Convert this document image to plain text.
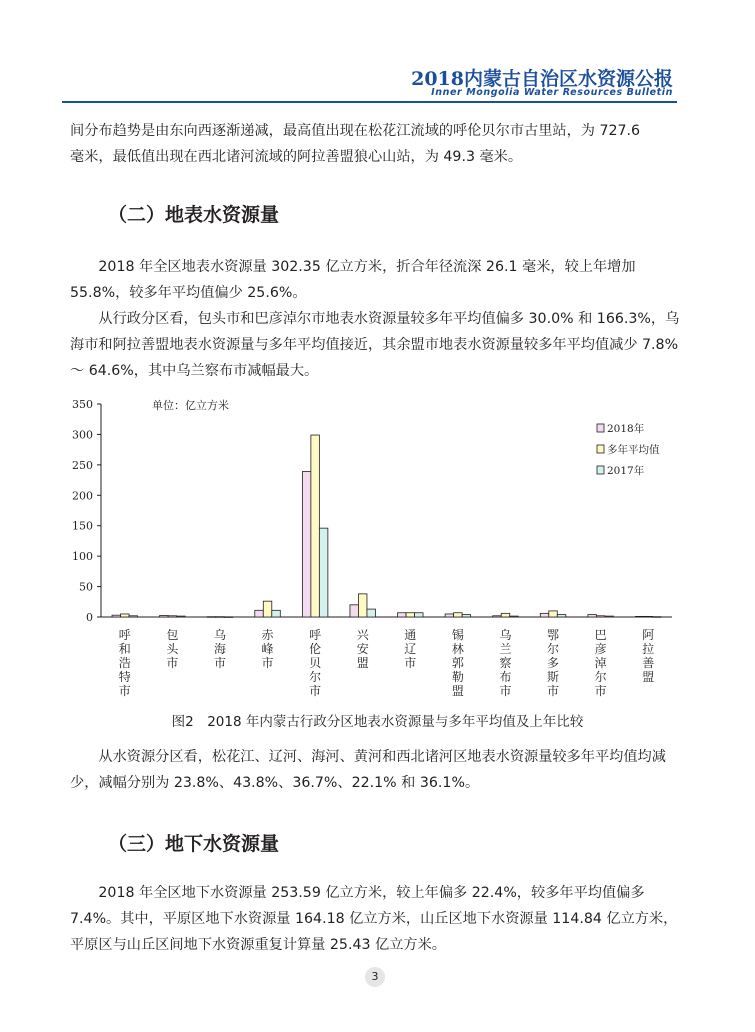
2018内蒙古自治区水资源公报
Inner Mongolia Water Resources Bulletin

间分布趋势是由东向西逐渐递减，最高值出现在松花江流域的呼伦贝尔市古里站，为 727.6

毫米，最低值出现在西北诸河流域的阿拉善盟狼心山站，为 49.3 毫米。

（二）地表水资源量

2018 年全区地表水资源量 302.35 亿立方米，折合年径流深 26.1 毫米，较上年增加 55.8%，较多年平均值偏少 25.6%。

从行政分区看，包头市和巴彦淖尔市地表水资源量较多年平均值偏多 30.0% 和 166.3%，乌海市和阿拉善盟地表水资源量与多年平均值接近，其余盟市地表水资源量较多年平均值减少 7.8% ～ 64.6%，其中乌兰察布市减幅最大。

0
50
100
150
200
250
300
350	单位：亿立方米
呼和浩特市
包头市
乌海市
赤峰市
呼伦贝尔市
兴安盟
通辽市
锡林郭勒盟
乌兰察布市
鄂尔多斯市
巴彦淖尔市
阿拉善盟
2018年
多年平均值
2017年
图2　2018 年内蒙古行政分区地表水资源量与多年平均值及上年比较

从水资源分区看，松花江、辽河、海河、黄河和西北诸河区地表水资源量较多年平均值均减少，减幅分别为 23.8%、43.8%、36.7%、22.1% 和 36.1%。

（三）地下水资源量

2018 年全区地下水资源量 253.59 亿立方米，较上年偏多 22.4%，较多年平均值偏多 7.4%。其中，平原区地下水资源量 164.18 亿立方米，山丘区地下水资源量 114.84 亿立方米，平原区与山丘区间地下水资源重复计算量 25.43 亿立方米。

3
